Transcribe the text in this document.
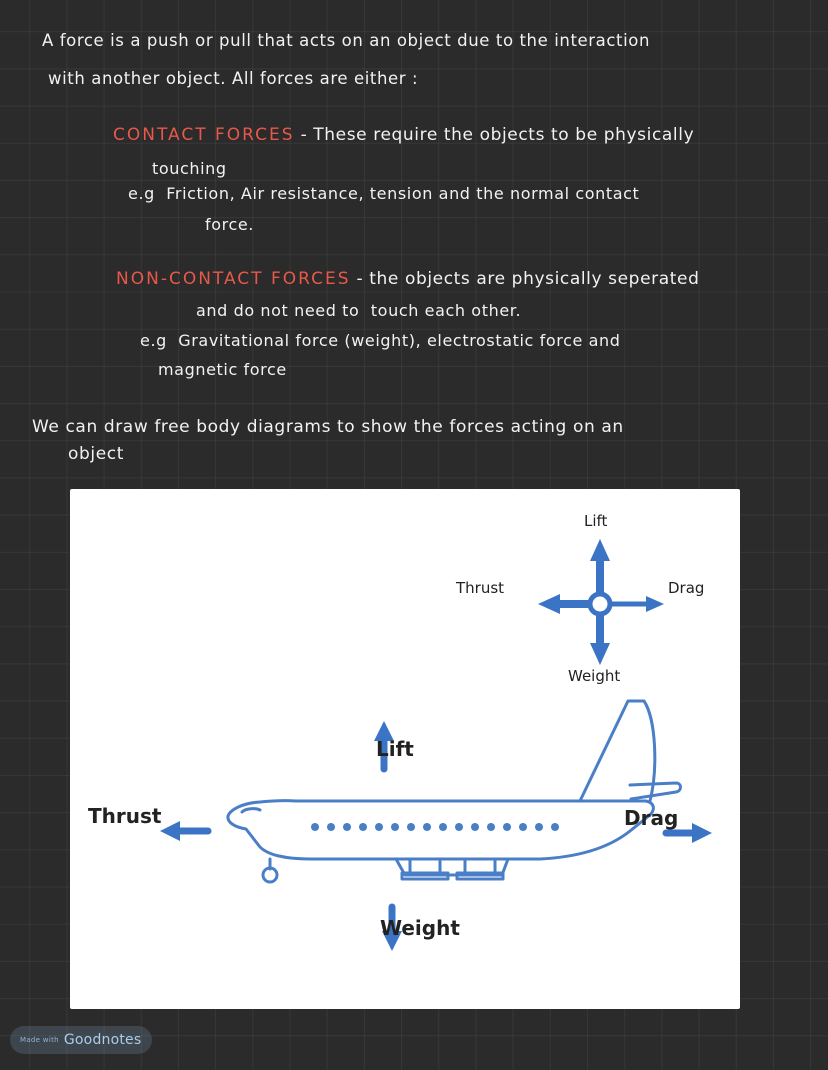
A force is a push or pull that acts on an object due to the interaction
with another object. All forces are either :
CONTACT FORCES - These require the objects to be physically
touching
e.g  Friction, Air resistance, tension and the normal contact
force.
NON-CONTACT FORCES - the objects are physically seperated
and do not need to  touch each other.
e.g  Gravitational force (weight), electrostatic force and
magnetic force
We can draw free body diagrams to show the forces acting on an
object
Lift
Thrust	Drag
Weight
Lift
Thrust	Drag
Weight
Made with Goodnotes
